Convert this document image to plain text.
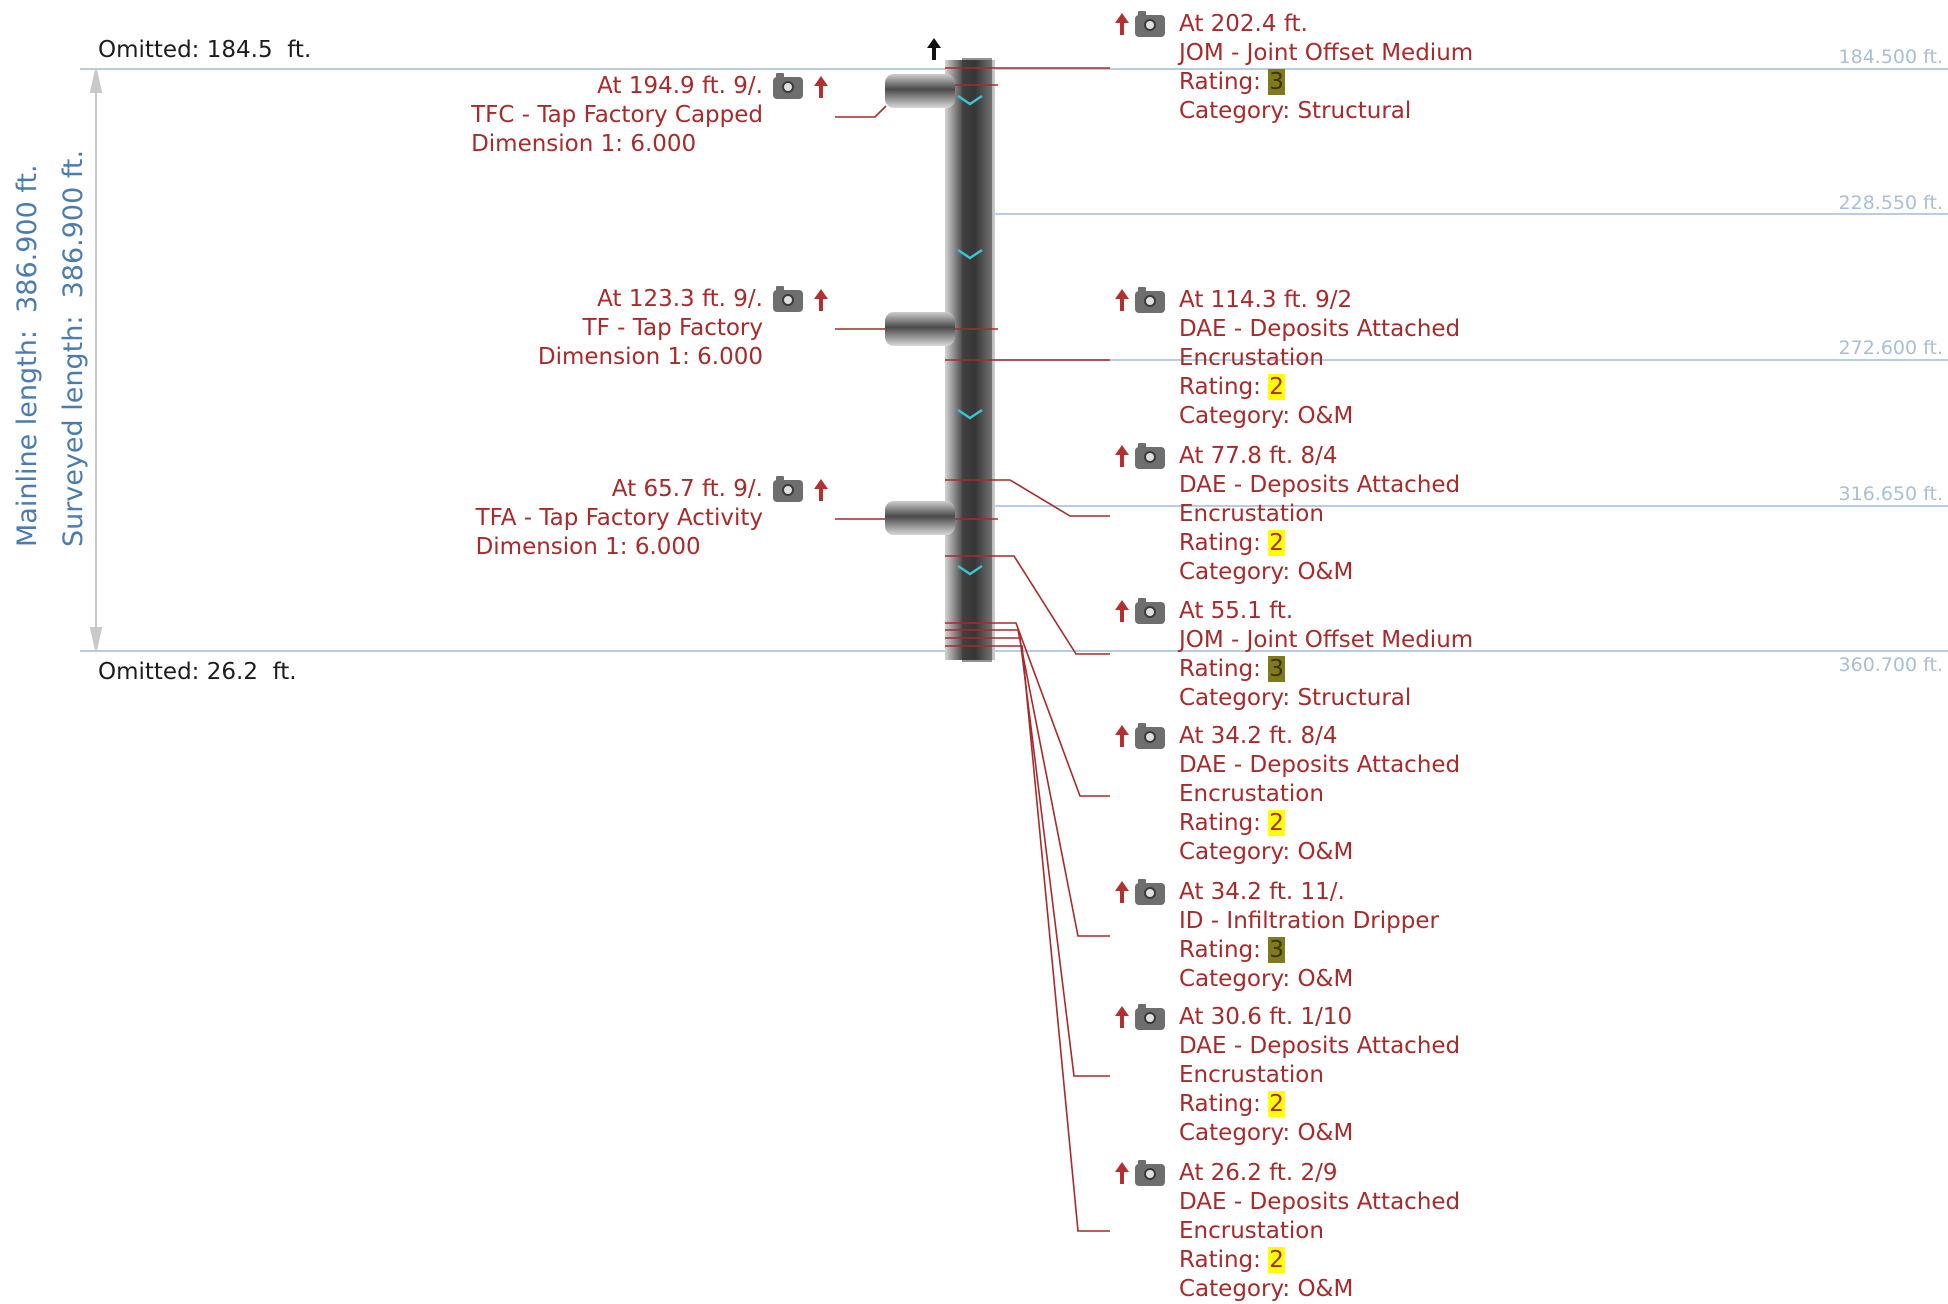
Omitted: 184.5 ft.
Omitted: 26.2 ft.
Mainline length:  386.900 ft.
Surveyed length:  386.900 ft.
184.500 ft.
228.550 ft.
272.600 ft.
316.650 ft.
360.700 ft.
At 194.9 ft. 9/.
TFC - Tap Factory Capped
Dimension 1: 6.000
At 123.3 ft. 9/.
TF - Tap Factory
Dimension 1: 6.000
At 65.7 ft. 9/.
TFA - Tap Factory Activity
Dimension 1: 6.000
At 202.4 ft.
JOM - Joint Offset Medium
Rating: 3
Category: Structural
At 114.3 ft. 9/2
DAE - Deposits Attached
Encrustation
Rating: 2
Category: O&M
At 77.8 ft. 8/4
DAE - Deposits Attached
Encrustation
Rating: 2
Category: O&M
At 55.1 ft.
JOM - Joint Offset Medium
Rating: 3
Category: Structural
At 34.2 ft. 8/4
DAE - Deposits Attached
Encrustation
Rating: 2
Category: O&M
At 34.2 ft. 11/.
ID - Infiltration Dripper
Rating: 3
Category: O&M
At 30.6 ft. 1/10
DAE - Deposits Attached
Encrustation
Rating: 2
Category: O&M
At 26.2 ft. 2/9
DAE - Deposits Attached
Encrustation
Rating: 2
Category: O&M
